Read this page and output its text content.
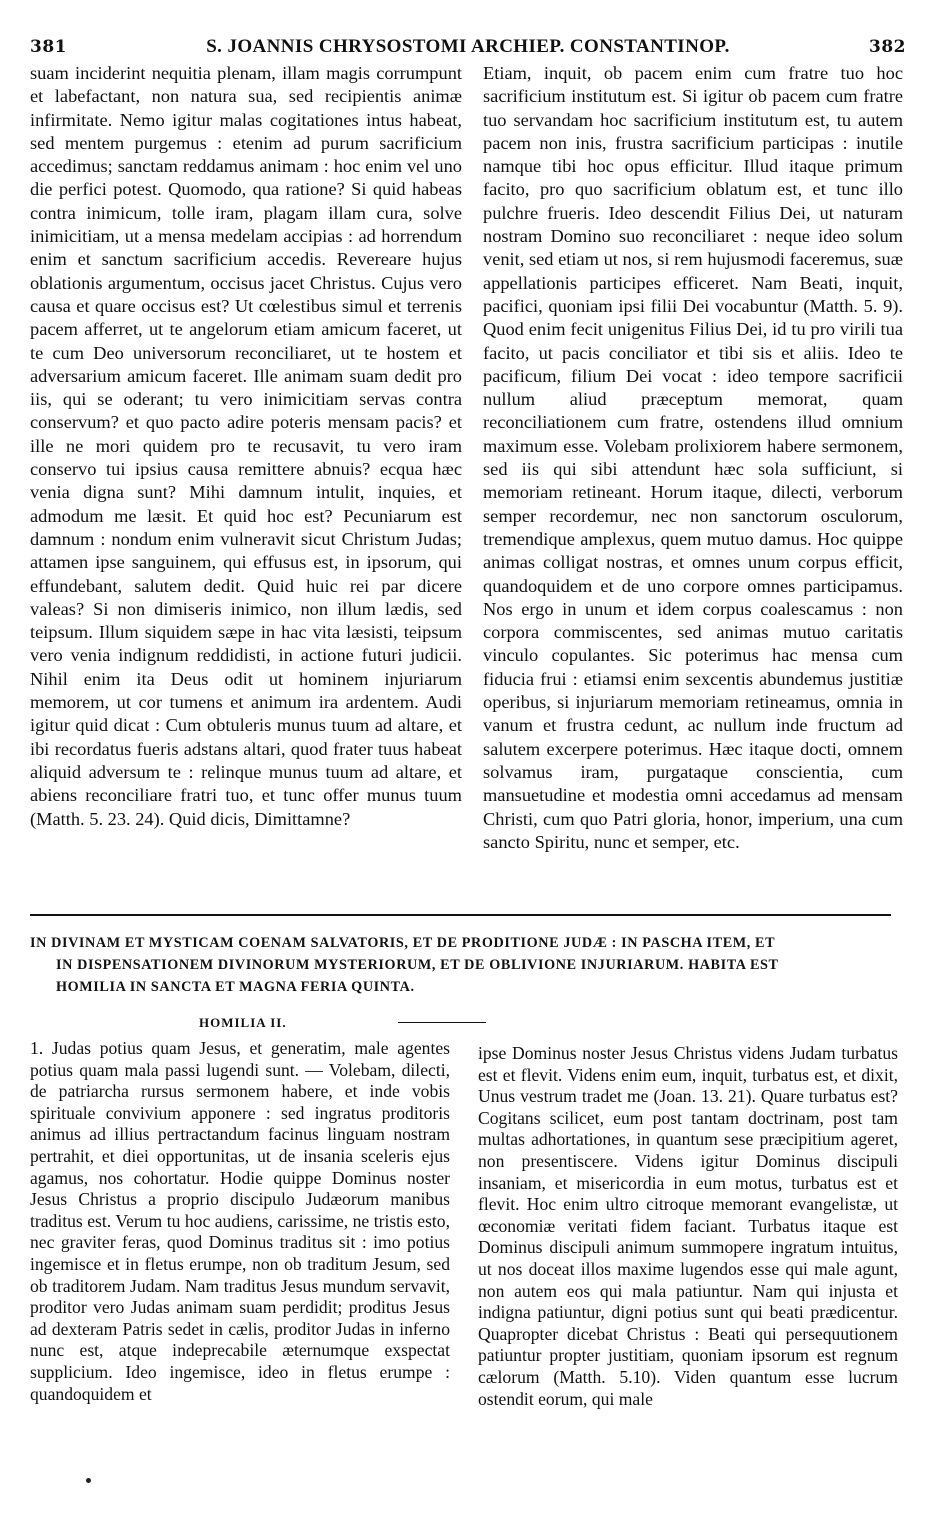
381	S. JOANNIS CHRYSOSTOMI ARCHIEP. CONSTANTINOP.	382

suam inciderint nequitia plenam, illam magis corrumpunt et labefactant, non natura sua, sed recipientis animæ infirmitate. Nemo igitur malas cogitationes intus habeat, sed mentem purgemus : etenim ad purum sacrificium accedimus; sanctam reddamus animam : hoc enim vel uno die perfici potest. Quomodo, qua ratione? Si quid habeas contra inimicum, tolle iram, plagam illam cura, solve inimicitiam, ut a mensa medelam accipias : ad horrendum enim et sanctum sacrificium accedis. Revereare hujus oblationis argumentum, occisus jacet Christus. Cujus vero causa et quare occisus est? Ut cœlestibus simul et terrenis pacem afferret, ut te angelorum etiam amicum faceret, ut te cum Deo universorum reconciliaret, ut te hostem et adversarium amicum faceret. Ille animam suam dedit pro iis, qui se oderant; tu vero inimicitiam servas contra conservum? et quo pacto adire poteris mensam pacis? et ille ne mori quidem pro te recusavit, tu vero iram conservo tui ipsius causa remittere abnuis? ecqua hæc venia digna sunt? Mihi damnum intulit, inquies, et admodum me læsit. Et quid hoc est? Pecuniarum est damnum : nondum enim vulneravit sicut Christum Judas; attamen ipse sanguinem, qui effusus est, in ipsorum, qui effundebant, salutem dedit. Quid huic rei par dicere valeas? Si non dimiseris inimico, non illum lædis, sed teipsum. Illum siquidem sæpe in hac vita læsisti, teipsum vero venia indignum reddidisti, in actione futuri judicii. Nihil enim ita Deus odit ut hominem injuriarum memorem, ut cor tumens et animum ira ardentem. Audi igitur quid dicat : Cum obtuleris munus tuum ad altare, et ibi recordatus fueris adstans altari, quod frater tuus habeat aliquid adversum te : relinque munus tuum ad altare, et abiens reconciliare fratri tuo, et tunc offer munus tuum (Matth. 5. 23. 24). Quid dicis, Dimittamne?

Etiam, inquit, ob pacem enim cum fratre tuo hoc sacrificium institutum est. Si igitur ob pacem cum fratre tuo servandam hoc sacrificium institutum est, tu autem pacem non inis, frustra sacrificium participas : inutile namque tibi hoc opus efficitur. Illud itaque primum facito, pro quo sacrificium oblatum est, et tunc illo pulchre frueris. Ideo descendit Filius Dei, ut naturam nostram Domino suo reconciliaret : neque ideo solum venit, sed etiam ut nos, si rem hujusmodi faceremus, suæ appellationis participes efficeret. Nam Beati, inquit, pacifici, quoniam ipsi filii Dei vocabuntur (Matth. 5. 9). Quod enim fecit unigenitus Filius Dei, id tu pro virili tua facito, ut pacis conciliator et tibi sis et aliis. Ideo te pacificum, filium Dei vocat : ideo tempore sacrificii nullum aliud præceptum memorat, quam reconciliationem cum fratre, ostendens illud omnium maximum esse. Volebam prolixiorem habere sermonem, sed iis qui sibi attendunt hæc sola sufficiunt, si memoriam retineant. Horum itaque, dilecti, verborum semper recordemur, nec non sanctorum osculorum, tremendique amplexus, quem mutuo damus. Hoc quippe animas colligat nostras, et omnes unum corpus efficit, quandoquidem et de uno corpore omnes participamus. Nos ergo in unum et idem corpus coalescamus : non corpora commiscentes, sed animas mutuo caritatis vinculo copulantes. Sic poterimus hac mensa cum fiducia frui : etiamsi enim sexcentis abundemus justitiæ operibus, si injuriarum memoriam retineamus, omnia in vanum et frustra cedunt, ac nullum inde fructum ad salutem excerpere poterimus. Hæc itaque docti, omnem solvamus iram, purgataque conscientia, cum mansuetudine et modestia omni accedamus ad mensam Christi, cum quo Patri gloria, honor, imperium, una cum sancto Spiritu, nunc et semper, etc.

IN DIVINAM ET MYSTICAM COENAM SALVATORIS, ET DE PRODITIONE JUDÆ : IN PASCHA ITEM, ET
IN DISPENSATIONEM DIVINORUM MYSTERIORUM, ET DE OBLIVIONE INJURIARUM. HABITA EST
HOMILIA IN SANCTA ET MAGNA FERIA QUINTA.
HOMILIA II.

1. Judas potius quam Jesus, et generatim, male agentes potius quam mala passi lugendi sunt. — Volebam, dilecti, de patriarcha rursus sermonem habere, et inde vobis spirituale convivium apponere : sed ingratus proditoris animus ad illius pertractandum facinus linguam nostram pertrahit, et diei opportunitas, ut de insania sceleris ejus agamus, nos cohortatur. Hodie quippe Dominus noster Jesus Christus a proprio discipulo Judæorum manibus traditus est. Verum tu hoc audiens, carissime, ne tristis esto, nec graviter feras, quod Dominus traditus sit : imo potius ingemisce et in fletus erumpe, non ob traditum Jesum, sed ob traditorem Judam. Nam traditus Jesus mundum servavit, proditor vero Judas animam suam perdidit; proditus Jesus ad dexteram Patris sedet in cælis, proditor Judas in inferno nunc est, atque indeprecabile æternumque exspectat supplicium. Ideo ingemisce, ideo in fletus erumpe : quandoquidem et

ipse Dominus noster Jesus Christus videns Judam turbatus est et flevit. Videns enim eum, inquit, turbatus est, et dixit, Unus vestrum tradet me (Joan. 13. 21). Quare turbatus est? Cogitans scilicet, eum post tantam doctrinam, post tam multas adhortationes, in quantum sese præcipitium ageret, non presentiscere. Videns igitur Dominus discipuli insaniam, et misericordia in eum motus, turbatus est et flevit. Hoc enim ultro citroque memorant evangelistæ, ut œconomiæ veritati fidem faciant. Turbatus itaque est Dominus discipuli animum summopere ingratum intuitus, ut nos doceat illos maxime lugendos esse qui male agunt, non autem eos qui mala patiuntur. Nam qui injusta et indigna patiuntur, digni potius sunt qui beati prædicentur. Quapropter dicebat Christus : Beati qui persequutionem patiuntur propter justitiam, quoniam ipsorum est regnum cælorum (Matth. 5.10). Viden quantum esse lucrum ostendit eorum, qui male
